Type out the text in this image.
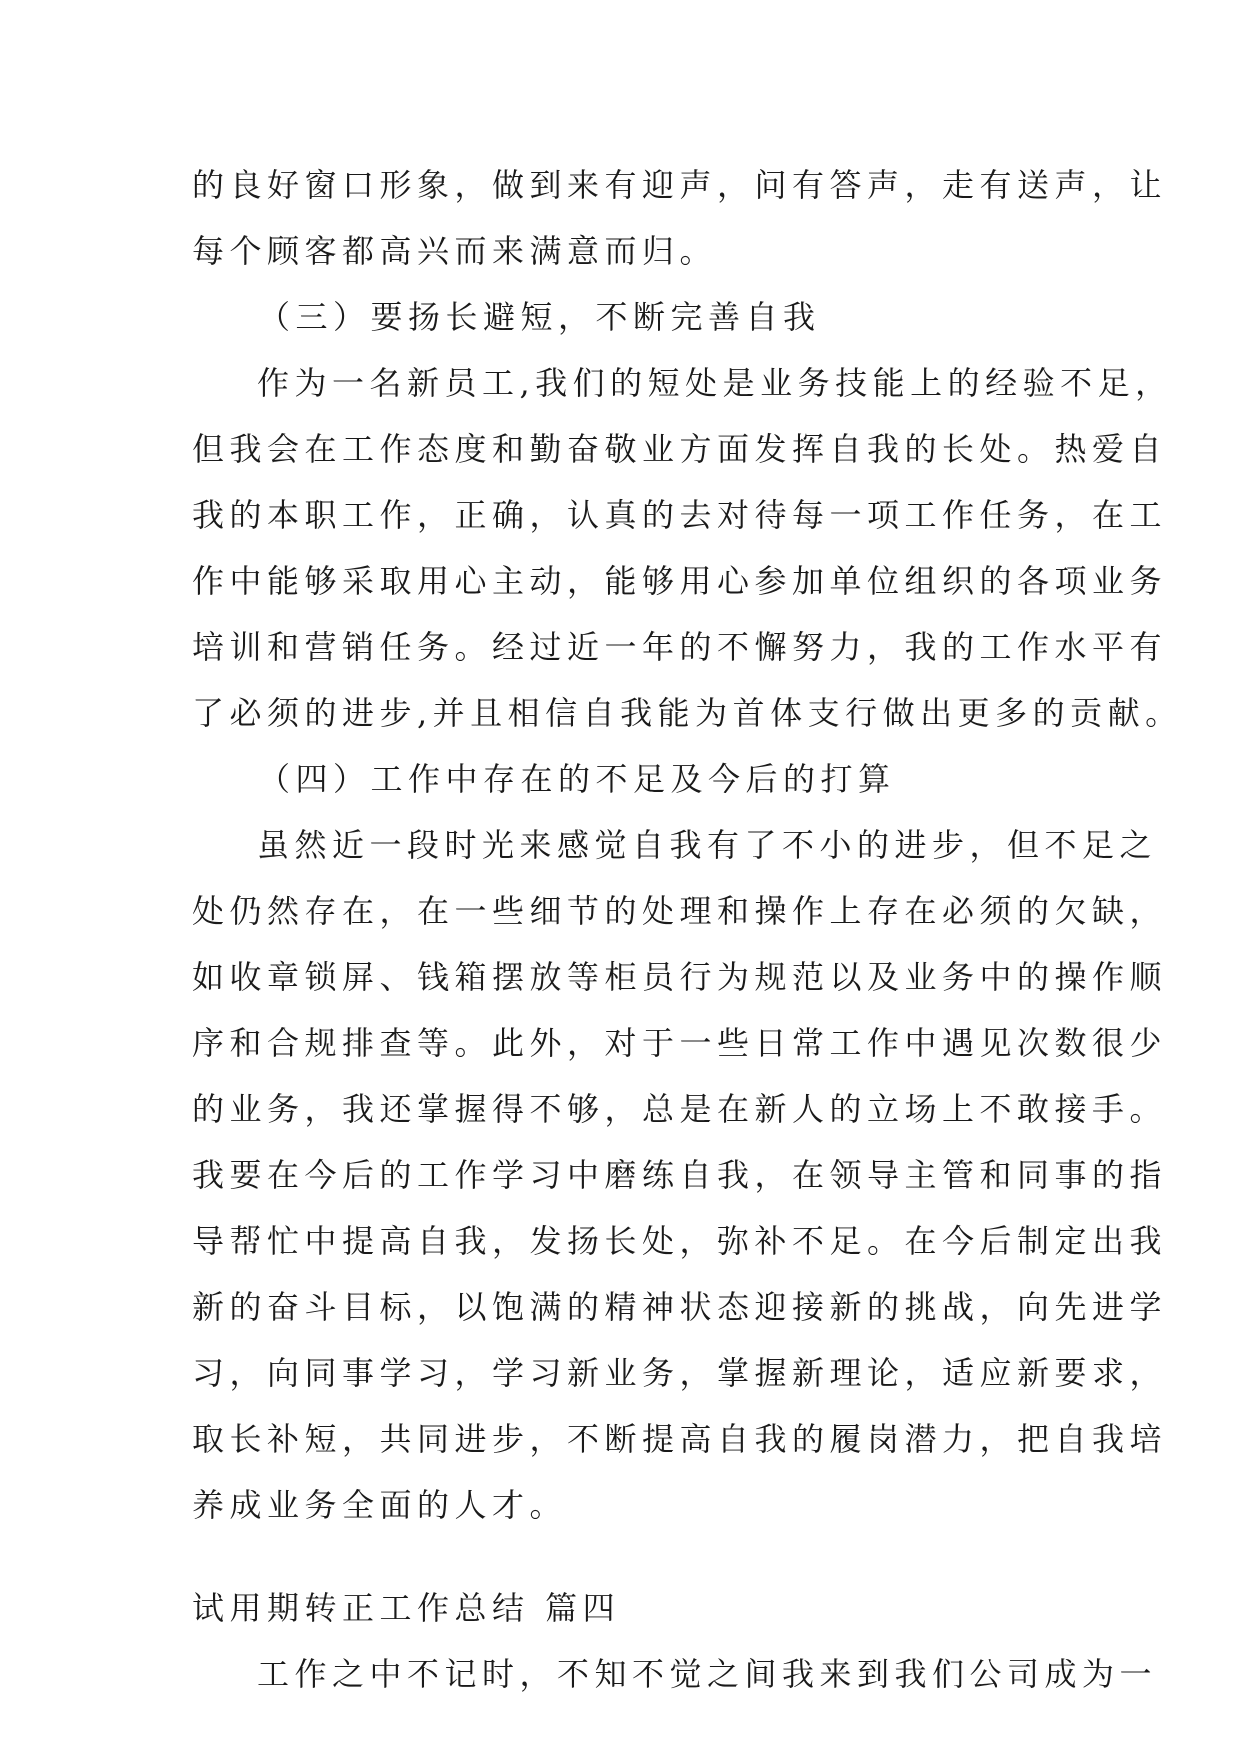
的良好窗口形象，做到来有迎声，问有答声，走有送声，让
每个顾客都高兴而来满意而归。
（三）要扬长避短，不断完善自我
作为一名新员工,我们的短处是业务技能上的经验不足，
但我会在工作态度和勤奋敬业方面发挥自我的长处。热爱自
我的本职工作，正确，认真的去对待每一项工作任务，在工
作中能够采取用心主动，能够用心参加单位组织的各项业务
培训和营销任务。经过近一年的不懈努力，我的工作水平有
了必须的进步,并且相信自我能为首体支行做出更多的贡献。
（四）工作中存在的不足及今后的打算
虽然近一段时光来感觉自我有了不小的进步，但不足之
处仍然存在，在一些细节的处理和操作上存在必须的欠缺，
如收章锁屏、钱箱摆放等柜员行为规范以及业务中的操作顺
序和合规排查等。此外，对于一些日常工作中遇见次数很少
的业务，我还掌握得不够，总是在新人的立场上不敢接手。
我要在今后的工作学习中磨练自我，在领导主管和同事的指
导帮忙中提高自我，发扬长处，弥补不足。在今后制定出我
新的奋斗目标，以饱满的精神状态迎接新的挑战，向先进学
习，向同事学习，学习新业务，掌握新理论，适应新要求，
取长补短，共同进步，不断提高自我的履岗潜力，把自我培
养成业务全面的人才。
试用期转正工作总结 篇四
工作之中不记时，不知不觉之间我来到我们公司成为一
